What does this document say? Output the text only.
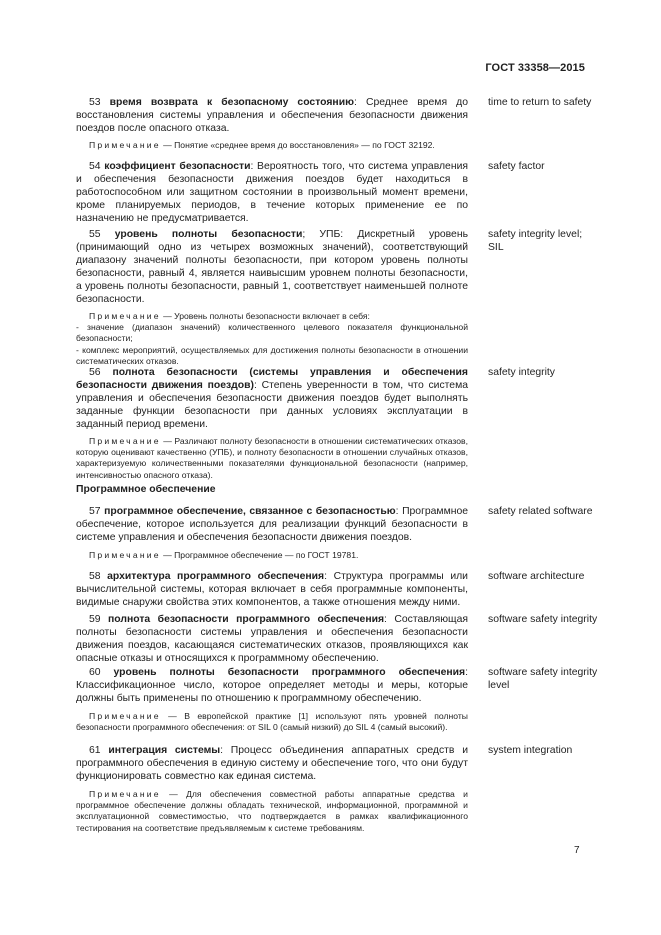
ГОСТ 33358—2015

53 время возврата к безопасному состоянию: Среднее время до восстановления системы управления и обеспечения безопасности движения поездов после опасного отказа.

Примечание — Понятие «среднее время до восстановления» — по ГОСТ 32192.

time to return to safety

54 коэффициент безопасности: Вероятность того, что система управления и обеспечения безопасности движения поездов будет находиться в работоспособном или защитном состоянии в произвольный момент времени, кроме планируемых периодов, в течение которых применение ее по назначению не предусматривается.

safety factor

55 уровень полноты безопасности; УПБ: Дискретный уровень (принимающий одно из четырех возможных значений), соответствующий диапазону значений полноты безопасности, при котором уровень полноты безопасности, равный 4, является наивысшим уровнем полноты безопасности, а уровень полноты безопасности, равный 1, соответствует наименьшей полноте безопасности.

Примечание — Уровень полноты безопасности включает в себя:

- значение (диапазон значений) количественного целевого показателя функциональной безопасности;

- комплекс мероприятий, осуществляемых для достижения полноты безопасности в отношении систематических отказов.

safety integrity level; SIL

56 полнота безопасности (системы управления и обеспечения безопасности движения поездов): Степень уверенности в том, что система управления и обеспечения безопасности движения поездов будет выполнять заданные функции безопасности при данных условиях эксплуатации в заданный период времени.

Примечание — Различают полноту безопасности в отношении систематических отказов, которую оценивают качественно (УПБ), и полноту безопасности в отношении случайных отказов, характеризуемую количественными показателями функциональной безопасности (например, интенсивностью опасного отказа).

safety integrity
Программное обеспечение

57 программное обеспечение, связанное с безопасностью: Программное обеспечение, которое используется для реализации функций безопасности в системе управления и обеспечения безопасности движения поездов.

Примечание — Программное обеспечение — по ГОСТ 19781.

safety related software

58 архитектура программного обеспечения: Структура программы или вычислительной системы, которая включает в себя программные компоненты, видимые снаружи свойства этих компонентов, а также отношения между ними.

software architecture

59 полнота безопасности программного обеспечения: Составляющая полноты безопасности системы управления и обеспечения безопасности движения поездов, касающаяся систематических отказов, проявляющихся как опасные отказы и относящихся к программному обеспечению.

software safety integrity

60 уровень полноты безопасности программного обеспечения: Классификационное число, которое определяет методы и меры, которые должны быть применены по отношению к программному обеспечению.

Примечание — В европейской практике [1] используют пять уровней полноты безопасности программного обеспечения: от SIL 0 (самый низкий) до SIL 4 (самый высокий).

software safety integrity level

61 интеграция системы: Процесс объединения аппаратных средств и программного обеспечения в единую систему и обеспечение того, что они будут функционировать совместно как единая система.

Примечание — Для обеспечения совместной работы аппаратные средства и программное обеспечение должны обладать технической, информационной, программной и эксплуатационной совместимостью, что подтверждается в рамках квалификационного тестирования на соответствие предъявляемым к системе требованиям.

system integration
7
